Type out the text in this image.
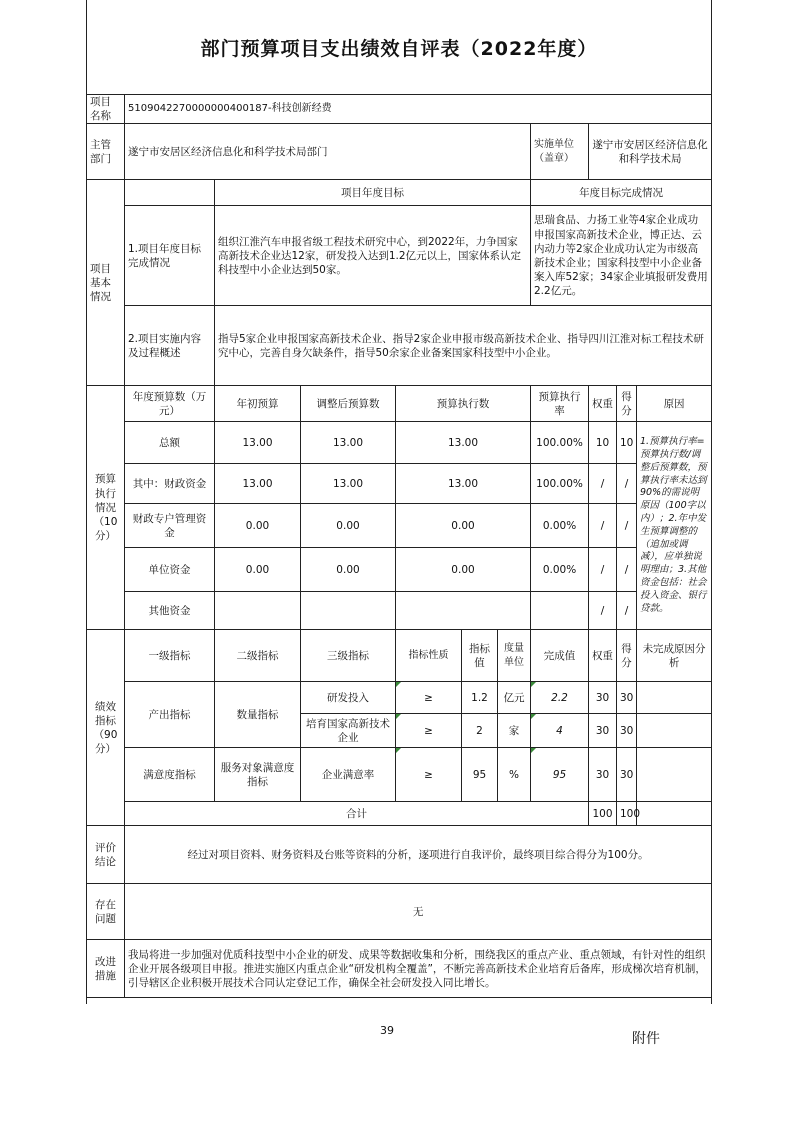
部门预算项目支出绩效自评表（2022年度）
项目名称	5109042270000000400187-科技创新经费									
主管部门	遂宁市安居区经济信息化和科学技术局部门						实施单位（盖章）	遂宁市安居区经济信息化和科学技术局		
项目基本情况		项目年度目标					年度目标完成情况			
	1.项目年度目标完成情况	组织江淮汽车申报省级工程技术研究中心，到2022年，力争国家高新技术企业达12家，研发投入达到1.2亿元以上，国家体系认定科技型中小企业达到50家。					思瑞食品、力扬工业等4家企业成功申报国家高新技术企业，博正达、云内动力等2家企业成功认定为市级高新技术企业；国家科技型中小企业备案入库52家；34家企业填报研发费用2.2亿元。			
	2.项目实施内容及过程概述	指导5家企业申报国家高新技术企业、指导2家企业申报市级高新技术企业、指导四川江淮对标工程技术研究中心，完善自身欠缺条件，指导50余家企业备案国家科技型中小企业。								
预算执行情况（10分）	年度预算数（万元）	年初预算	调整后预算数	预算执行数			预算执行率	权重	得分	原因
	总额	13.00	13.00	13.00			100.00%	10	10	1.预算执行率=预算执行数/调整后预算数，预算执行率未达到90%的需说明原因（100字以内）；2.年中发生预算调整的（追加或调减），应单独说明理由；3.其他资金包括：社会投入资金、银行贷款。
	其中：财政资金	13.00	13.00	13.00			100.00%	/	/	
	财政专户管理资金	0.00	0.00	0.00			0.00%	/	/	
	单位资金	0.00	0.00	0.00			0.00%	/	/	
	其他资金							/	/	
绩效指标（90分）	一级指标	二级指标	三级指标	指标性质	指标值	度量单位	完成值	权重	得分	未完成原因分析
	产出指标	数量指标	研发投入	≥	1.2	亿元	2.2	30	30	
			培育国家高新技术企业	≥	2	家	4	30	30	
	满意度指标	服务对象满意度指标	企业满意率	≥	95	%	95	30	30	
	合计							100	100	
评价结论	经过对项目资料、财务资料及台账等资料的分析，逐项进行自我评价，最终项目综合得分为100分。									
存在问题	无									
改进措施	我局将进一步加强对优质科技型中小企业的研发、成果等数据收集和分析，围绕我区的重点产业、重点领域，有针对性的组织企业开展各级项目申报。推进实施区内重点企业“研发机构全覆盖”，不断完善高新技术企业培育后备库，形成梯次培育机制，引导辖区企业积极开展技术合同认定登记工作，确保全社会研发投入同比增长。									
39
附件
